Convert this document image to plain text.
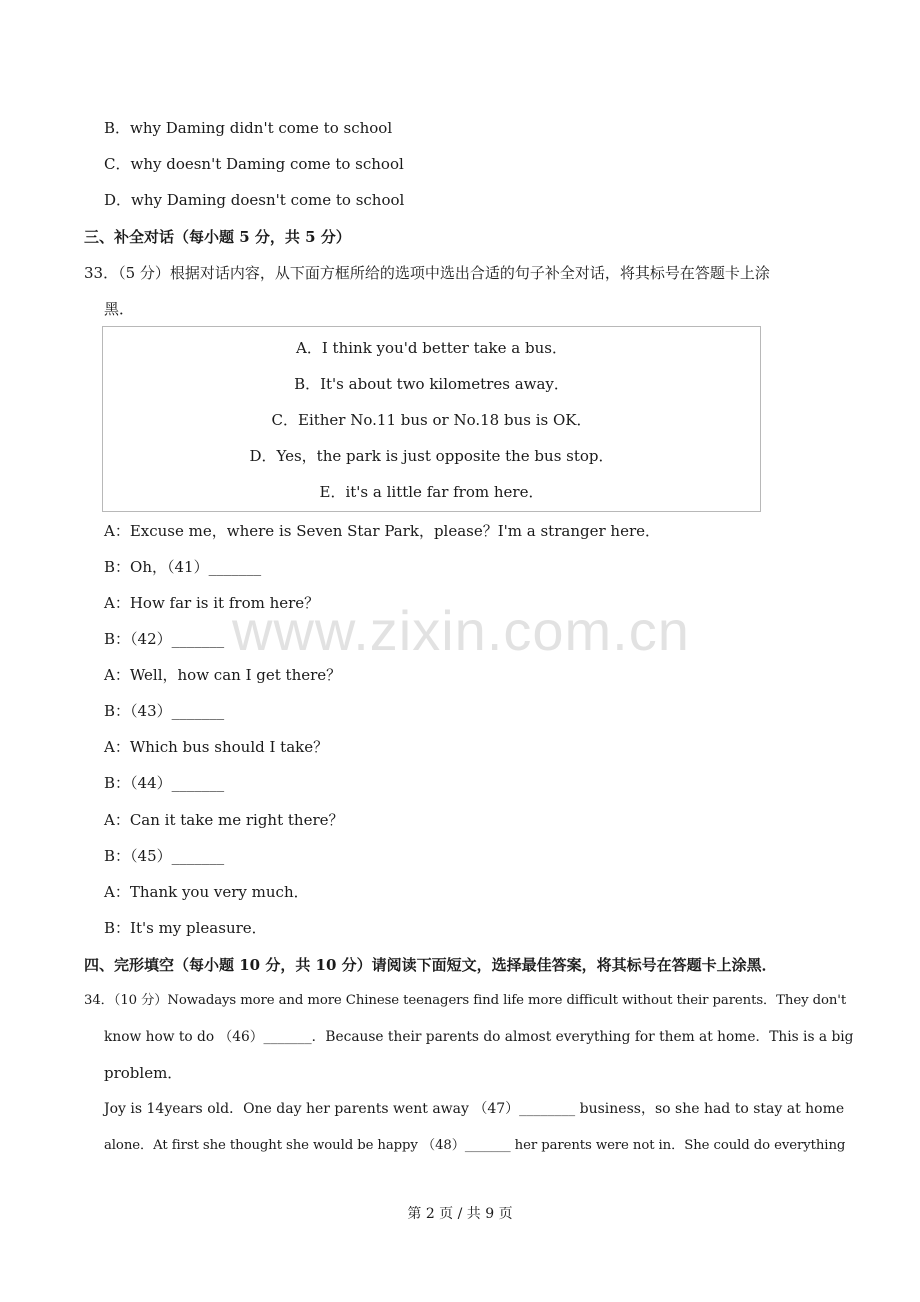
B．why Daming didn't come to school
C．why doesn't Daming come to school
D．why Daming doesn't come to school
三、补全对话（每小题 5 分，共 5 分）
33．（5 分）根据对话内容，从下面方框所给的选项中选出合适的句子补全对话，将其标号在答题卡上涂
黑．
A．I think you'd better take a bus．
B．It's about two kilometres away．
C．Either No.11 bus or No.18 bus is OK．
D．Yes，the park is just opposite the bus stop．
E．it's a little far from here．
A：Excuse me，where is Seven Star Park，please？I'm a stranger here．
B：Oh，（41）_______
A：How far is it from here？
B：（42）_______
A：Well，how can I get there？
B：（43）_______
A：Which bus should I take？
B：（44）_______
A：Can it take me right there？
B：（45）_______
A：Thank you very much．
B：It's my pleasure．
四、完形填空（每小题 10 分，共 10 分）请阅读下面短文，选择最佳答案，将其标号在答题卡上涂黑．
34．（10 分）Nowadays more and more Chinese teenagers find life more difficult without their parents．They don't
know how to do （46）_______．Because their parents do almost everything for them at home．This is a big
problem．
Joy is 14years old．One day her parents went away （47）________ business，so she had to stay at home
alone．At first she thought she would be happy （48）_______ her parents were not in．She could do everything
www.zixin.com.cn
第 2 页 / 共 9 页
